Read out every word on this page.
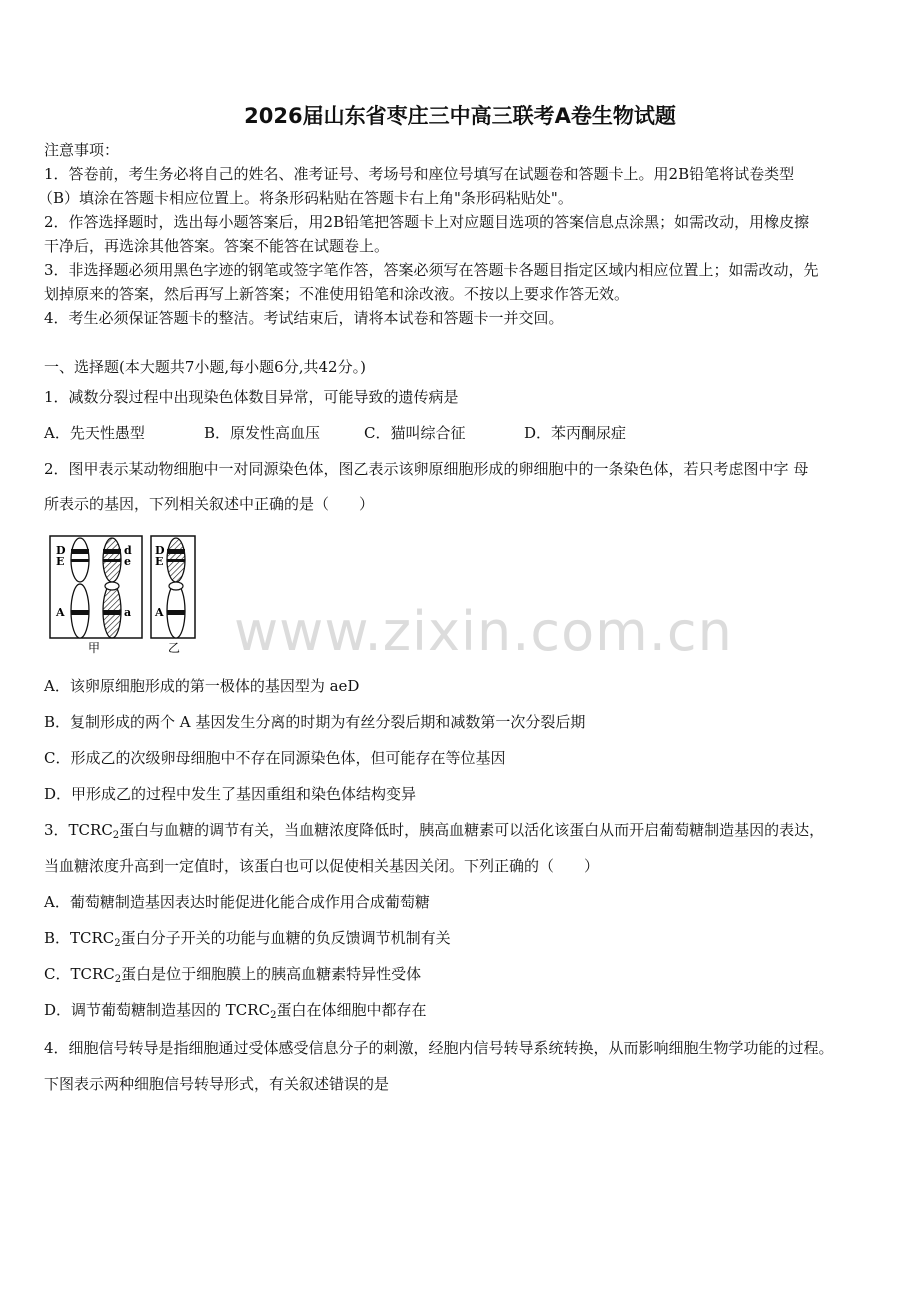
2026届山东省枣庄三中高三联考A卷生物试题
注意事项：
1．答卷前，考生务必将自己的姓名、准考证号、考场号和座位号填写在试题卷和答题卡上。用2B铅笔将试卷类型
（B）填涂在答题卡相应位置上。将条形码粘贴在答题卡右上角"条形码粘贴处"。
2．作答选择题时，选出每小题答案后，用2B铅笔把答题卡上对应题目选项的答案信息点涂黑；如需改动，用橡皮擦
干净后，再选涂其他答案。答案不能答在试题卷上。
3．非选择题必须用黑色字迹的钢笔或签字笔作答，答案必须写在答题卡各题目指定区域内相应位置上；如需改动，先
划掉原来的答案，然后再写上新答案；不准使用铅笔和涂改液。不按以上要求作答无效。
4．考生必须保证答题卡的整洁。考试结束后，请将本试卷和答题卡一并交回。
一、选择题(本大题共7小题,每小题6分,共42分。)
1．减数分裂过程中出现染色体数目异常，可能导致的遗传病是
A．先天性愚型	B．原发性高血压	C．猫叫综合征	D．苯丙酮尿症
2．图甲表示某动物细胞中一对同源染色体，图乙表示该卵原细胞形成的卵细胞中的一条染色体，若只考虑图中字 母
所表示的基因，下列相关叙述中正确的是（　　）
D
E
A
d
e
a
D
E
A
甲	乙 www.zixin.com.cn
A．该卵原细胞形成的第一极体的基因型为 aeD
B．复制形成的两个 A 基因发生分离的时期为有丝分裂后期和减数第一次分裂后期
C．形成乙的次级卵母细胞中不存在同源染色体，但可能存在等位基因
D．甲形成乙的过程中发生了基因重组和染色体结构变异
3．$TCRC_2$蛋白与血糖的调节有关，当血糖浓度降低时，胰高血糖素可以活化该蛋白从而开启葡萄糖制造基因的表达，
当血糖浓度升高到一定值时，该蛋白也可以促使相关基因关闭。下列正确的（　　）
A．葡萄糖制造基因表达时能促进化能合成作用合成葡萄糖
B．$TCRC_2$蛋白分子开关的功能与血糖的负反馈调节机制有关
C．$TCRC_2$蛋白是位于细胞膜上的胰高血糖素特异性受体
D．调节葡萄糖制造基因的 $TCRC_2$蛋白在体细胞中都存在
4．细胞信号转导是指细胞通过受体感受信息分子的刺激，经胞内信号转导系统转换，从而影响细胞生物学功能的过程。
下图表示两种细胞信号转导形式，有关叙述错误的是
